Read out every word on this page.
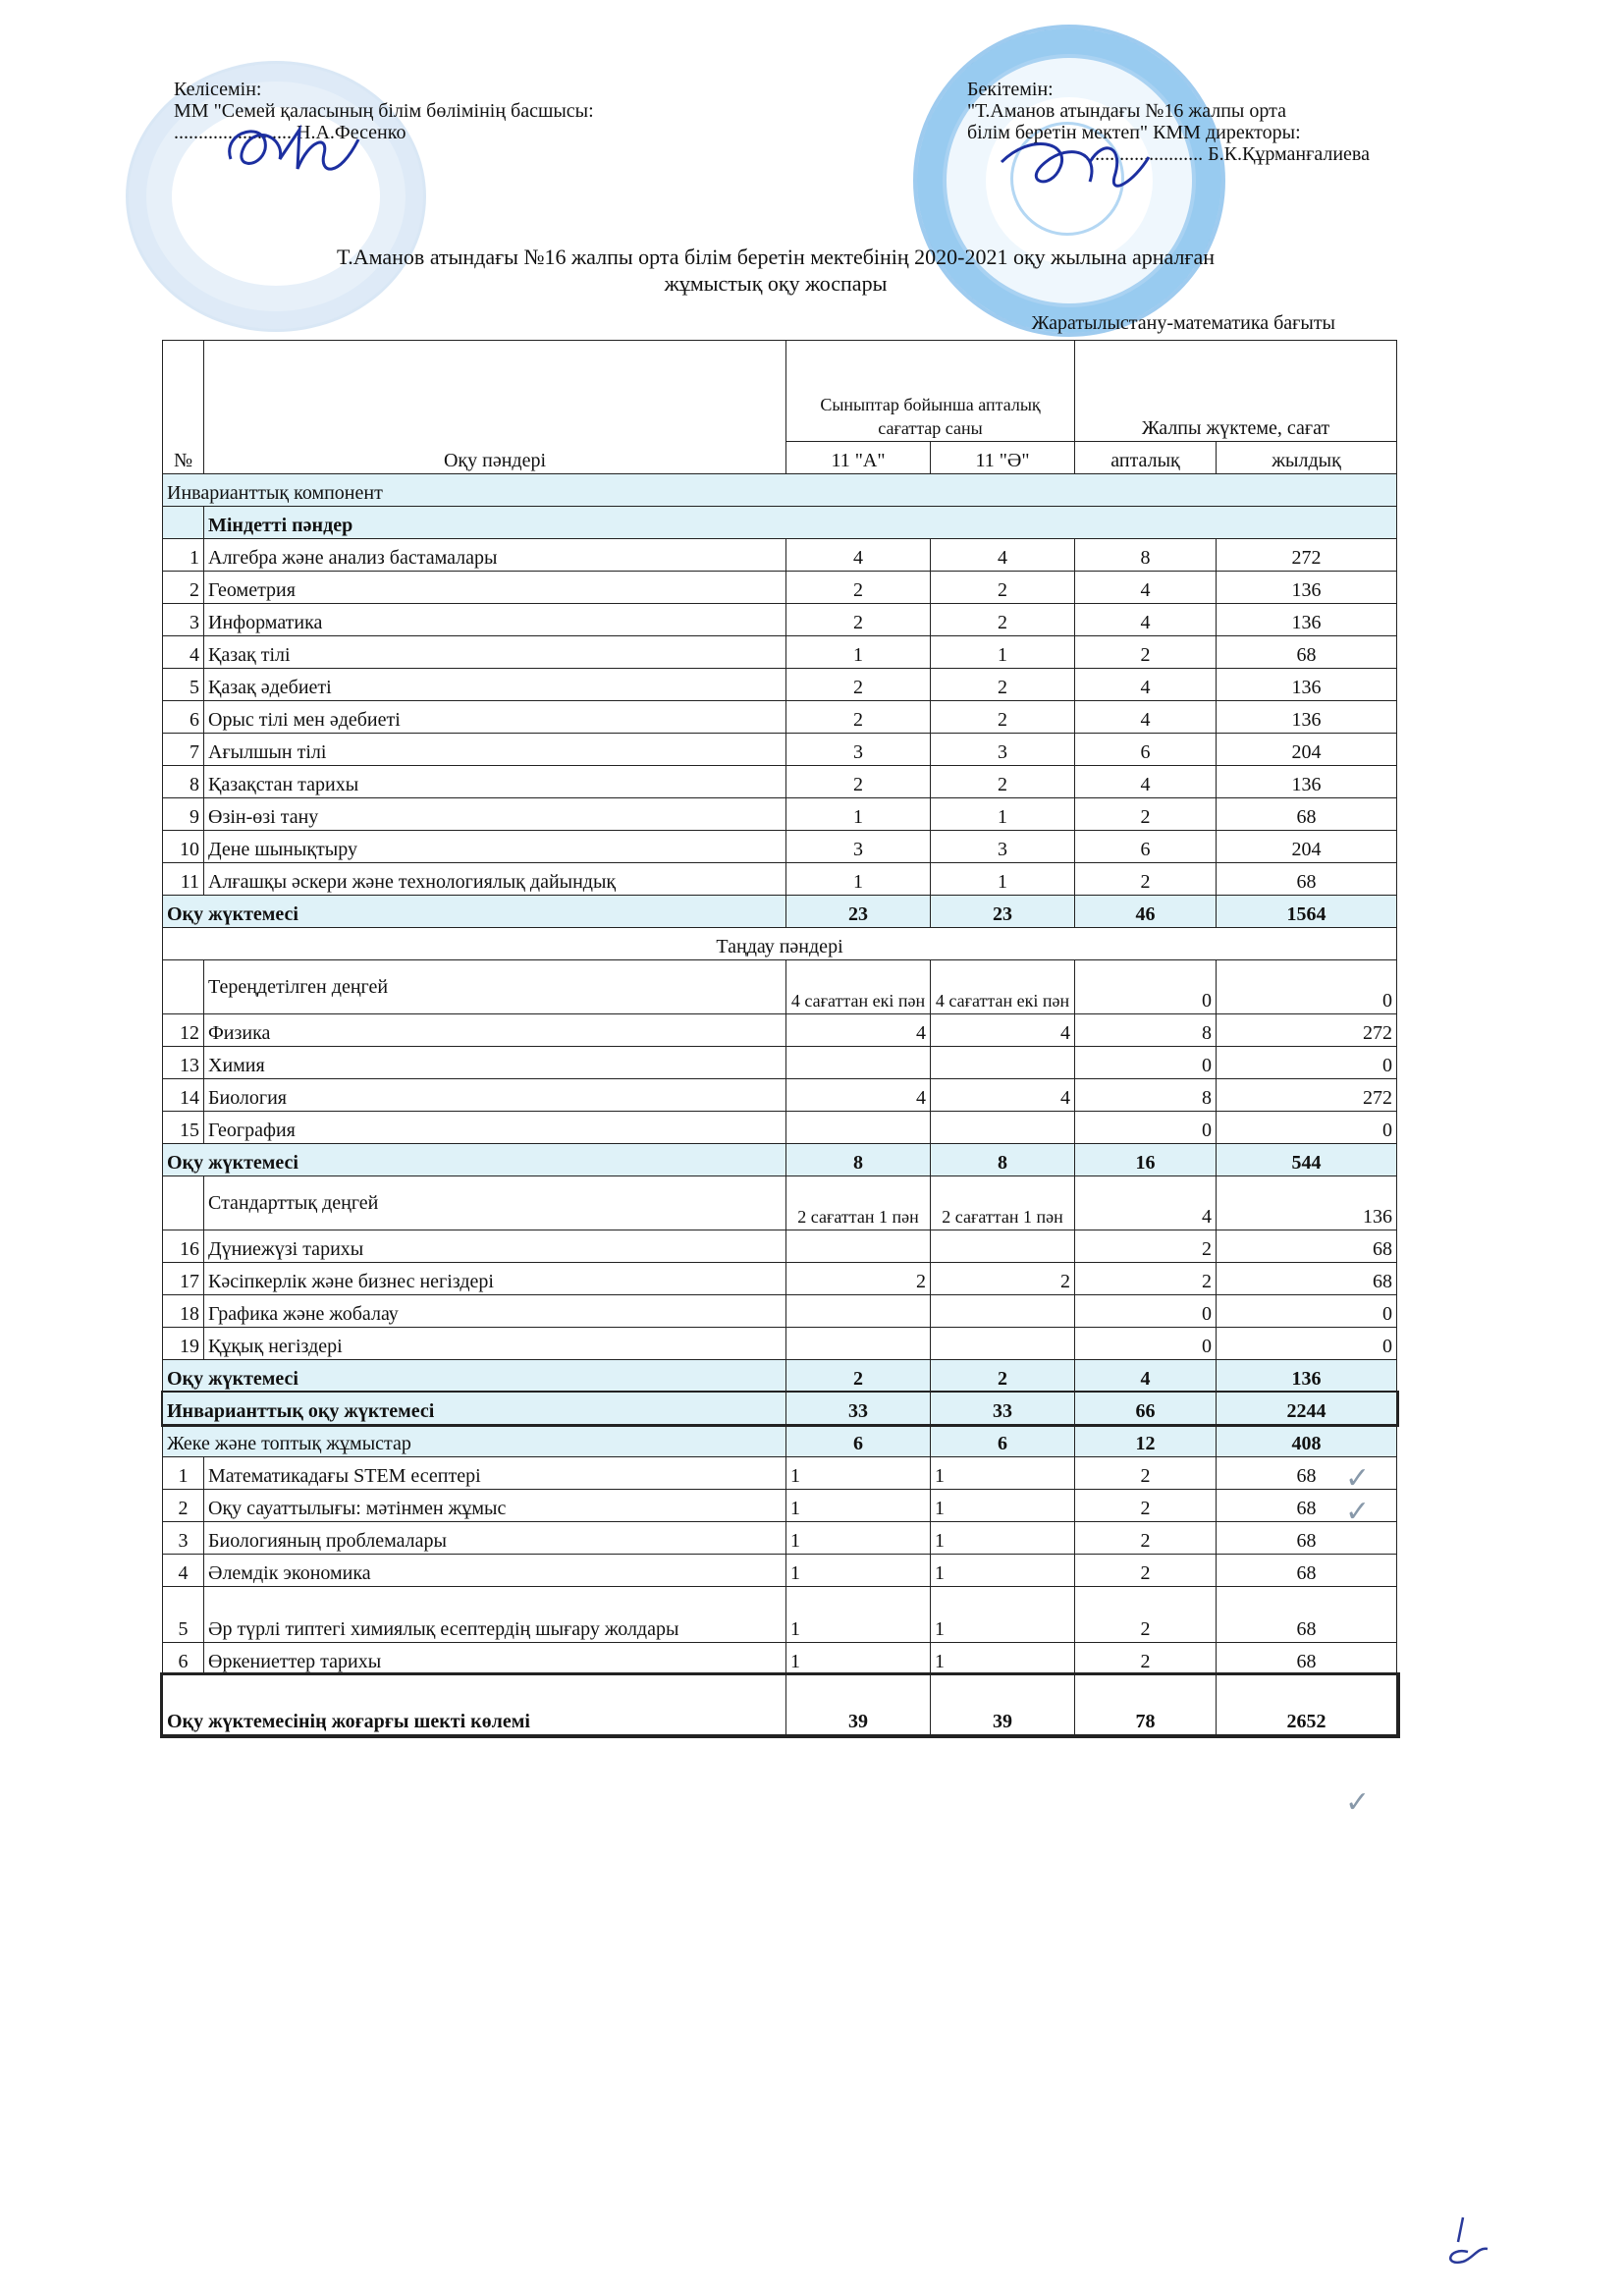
Келісемін:
ММ "Семей қаласының білім бөлімінің басшысы:
........................ Н.А.Фесенко
Бекітемін:
"Т.Аманов атындағы №16 жалпы орта
білім беретін мектеп" КММ директоры:
........................ Б.К.Құрманғалиева
Т.Аманов атындағы №16 жалпы орта білім беретін мектебінің 2020-2021 оқу жылына арналған
жұмыстық оқу жоспары
Жаратылыстану-математика бағыты
№	Оқу пәндері	Сыныптар бойынша апталық сағаттар саны		Жалпы жүктеме, сағат	
		11 "А"	11 "Ә"	апталық	жылдық
Инварианттық компонент					
	Міндетті пәндер				
1	Алгебра және анализ бастамалары	4	4	8	272
2	Геометрия	2	2	4	136
3	Информатика	2	2	4	136
4	Қазақ тілі	1	1	2	68
5	Қазақ әдебиеті	2	2	4	136
6	Орыс тілі мен әдебиеті	2	2	4	136
7	Ағылшын тілі	3	3	6	204
8	Қазақстан тарихы	2	2	4	136
9	Өзін-өзі тану	1	1	2	68
10	Дене шынықтыру	3	3	6	204
11	Алғашқы әскери және технологиялық дайындық	1	1	2	68
Оқу жүктемесі		23	23	46	1564
Таңдау пәндері					
	Тереңдетілген деңгей	4 сағаттан екі пән	4 сағаттан екі пән	0	0
12	Физика	4	4	8	272
13	Химия			0	0
14	Биология	4	4	8	272
15	География			0	0
Оқу жүктемесі		8	8	16	544
	Стандарттық деңгей	2 сағаттан 1 пән	2 сағаттан 1 пән	4	136
16	Дүниежүзі тарихы			2	68
17	Кәсіпкерлік және бизнес негіздері	2	2	2	68
18	Графика және жобалау			0	0
19	Құқық негіздері			0	0
Оқу жүктемесі		2	2	4	136
Инварианттық оқу жүктемесі		33	33	66	2244
Жеке және топтық жұмыстар		6	6	12	408
1	Математикадағы STEM есептері	1	1	2	68
2	Оқу сауаттылығы: мәтінмен жұмыс	1	1	2	68
3	Биологияның проблемалары	1	1	2	68
4	Әлемдік экономика	1	1	2	68
5	Әр түрлі типтегі химиялық есептердің шығару жолдары	1	1	2	68
6	Өркениеттер тарихы	1	1	2	68
Оқу жүктемесінің жоғарғы шекті көлемі		39	39	78	2652
✓
✓
✓
